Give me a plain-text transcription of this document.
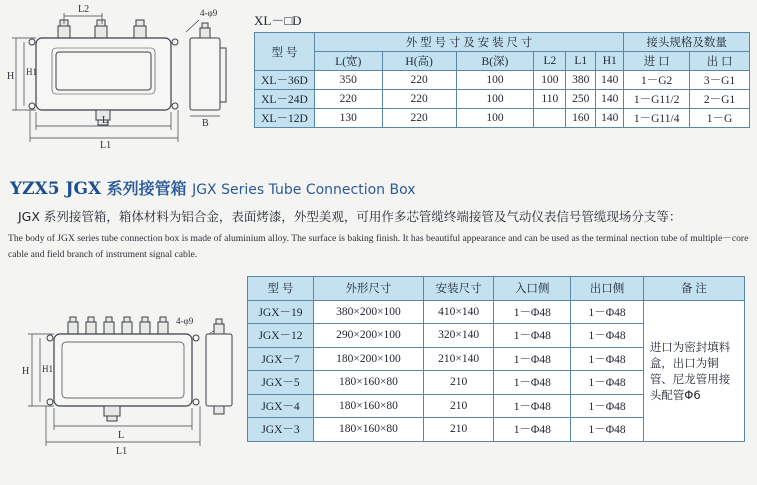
L2
L
L1
H H1
B
4-φ9	XL－□D
型 号	外 型 号 寸 及 安 装 尺 寸						接头规格及数量	
	L(宽)	H(高)	B(深)	L2	L1	H1	进 口	出 口
XL－36D	350	220	100	100	380	140	1－G2	3－G1
XL－24D	220	220	100	110	250	140	1－G11/2	2－G1
XL－12D	130	220	100		160	140	1－G11/4	1－G
YZX5 JGX 系列接管箱 JGX Series Tube Connection Box
JGX 系列接管箱，箱体材料为铝合金，表面烤漆，外型美观，可用作多芯管缆终端接管及气动仪表信号管缆现场分支等：
The body of JGX series tube connection box is made of aluminium alloy. The surface is baking finish. It has beautiful appearance and can be used as the terminal nection tube of multiple－core cable and field branch of instrument signal cable.
L
L1
H H1
4-φ9
型 号	外形尺寸	安装尺寸	入口侧	出口侧	备 注
JGX－19	380×200×100	410×140	1－Φ48	1－Φ48	进口为密封填料盒，出口为铜管、尼龙管用接头配管Φ6
JGX－12	290×200×100	320×140	1－Φ48	1－Φ48	
JGX－7	180×200×100	210×140	1－Φ48	1－Φ48	
JGX－5	180×160×80	210	1－Φ48	1－Φ48	
JGX－4	180×160×80	210	1－Φ48	1－Φ48	
JGX－3	180×160×80	210	1－Φ48	1－Φ48	
